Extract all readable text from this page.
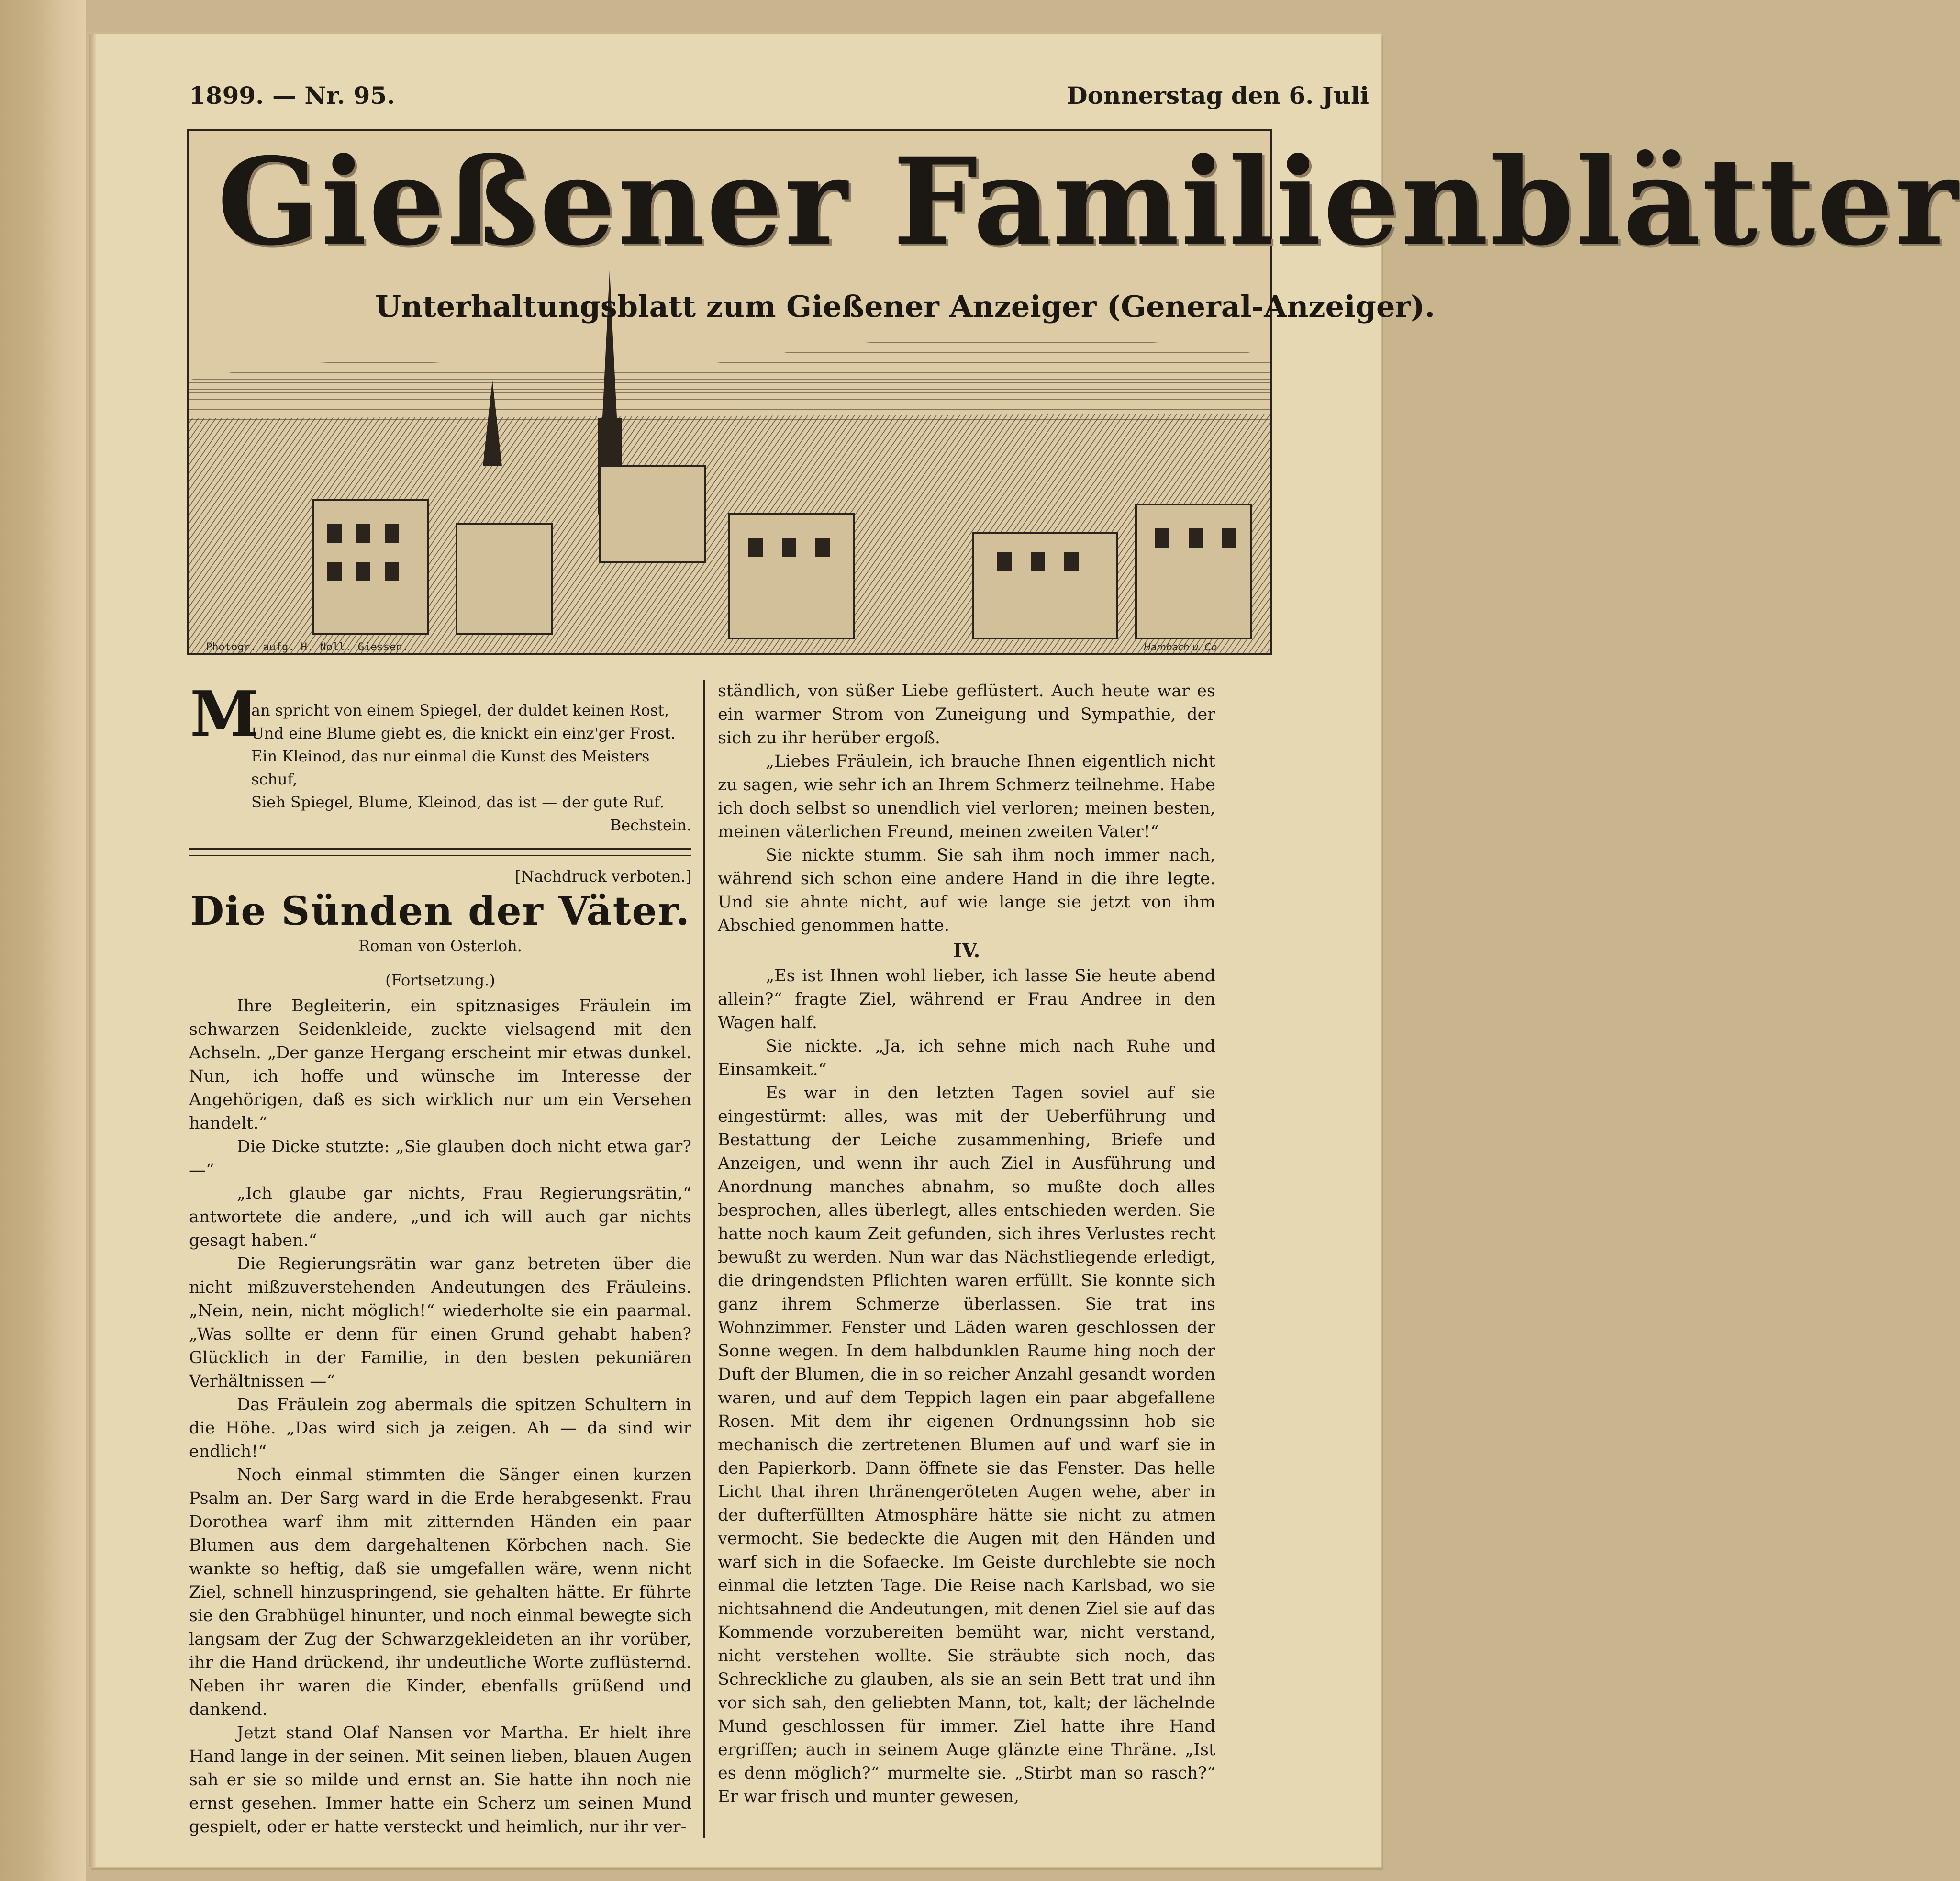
1899. — Nr. 95.	Donnerstag den 6. Juli
Gießener Familienblätter
Unterhaltungsblatt zum Gießener Anzeiger (General-Anzeiger).
Photogr. aufg. H. Noll. Giessen.	Hambach u. Co
M

an spricht von einem Spiegel, der duldet keinen Rost,

Und eine Blume giebt es, die knickt ein einz'ger Frost.

Ein Kleinod, das nur einmal die Kunst des Meisters schuf,

Sieh Spiegel, Blume, Kleinod, das ist — der gute Ruf.

Bechstein.

[Nachdruck verboten.]

Die Sünden der Väter.

Roman von Osterloh.

(Fortsetzung.)

Ihre Begleiterin, ein spitznasiges Fräulein im schwarzen Seidenkleide, zuckte vielsagend mit den Achseln. „Der ganze Hergang erscheint mir etwas dunkel. Nun, ich hoffe und wünsche im Interesse der Angehörigen, daß es sich wirklich nur um ein Versehen handelt.“

Die Dicke stutzte: „Sie glauben doch nicht etwa gar? —“

„Ich glaube gar nichts, Frau Regierungsrätin,“ antwortete die andere, „und ich will auch gar nichts gesagt haben.“

Die Regierungsrätin war ganz betreten über die nicht mißzuverstehenden Andeutungen des Fräuleins. „Nein, nein, nicht möglich!“ wiederholte sie ein paarmal. „Was sollte er denn für einen Grund gehabt haben? Glücklich in der Familie, in den besten pekuniären Verhältnissen —“

Das Fräulein zog abermals die spitzen Schultern in die Höhe. „Das wird sich ja zeigen. Ah — da sind wir endlich!“

Noch einmal stimmten die Sänger einen kurzen Psalm an. Der Sarg ward in die Erde herabgesenkt. Frau Dorothea warf ihm mit zitternden Händen ein paar Blumen aus dem dargehaltenen Körbchen nach. Sie wankte so heftig, daß sie umgefallen wäre, wenn nicht Ziel, schnell hinzuspringend, sie gehalten hätte. Er führte sie den Grabhügel hinunter, und noch einmal bewegte sich langsam der Zug der Schwarzgekleideten an ihr vorüber, ihr die Hand drückend, ihr undeutliche Worte zuflüsternd. Neben ihr waren die Kinder, ebenfalls grüßend und dankend.

Jetzt stand Olaf Nansen vor Martha. Er hielt ihre Hand lange in der seinen. Mit seinen lieben, blauen Augen sah er sie so milde und ernst an. Sie hatte ihn noch nie ernst gesehen. Immer hatte ein Scherz um seinen Mund gespielt, oder er hatte versteckt und heimlich, nur ihr ver-

ständlich, von süßer Liebe geflüstert. Auch heute war es ein warmer Strom von Zuneigung und Sympathie, der sich zu ihr herüber ergoß.

„Liebes Fräulein, ich brauche Ihnen eigentlich nicht zu sagen, wie sehr ich an Ihrem Schmerz teilnehme. Habe ich doch selbst so unendlich viel verloren; meinen besten, meinen väterlichen Freund, meinen zweiten Vater!“

Sie nickte stumm. Sie sah ihm noch immer nach, während sich schon eine andere Hand in die ihre legte. Und sie ahnte nicht, auf wie lange sie jetzt von ihm Abschied genommen hatte.

IV.

„Es ist Ihnen wohl lieber, ich lasse Sie heute abend allein?“ fragte Ziel, während er Frau Andree in den Wagen half.

Sie nickte. „Ja, ich sehne mich nach Ruhe und Einsamkeit.“

Es war in den letzten Tagen soviel auf sie eingestürmt: alles, was mit der Ueberführung und Bestattung der Leiche zusammenhing, Briefe und Anzeigen, und wenn ihr auch Ziel in Ausführung und Anordnung manches abnahm, so mußte doch alles besprochen, alles überlegt, alles entschieden werden. Sie hatte noch kaum Zeit gefunden, sich ihres Verlustes recht bewußt zu werden. Nun war das Nächstliegende erledigt, die dringendsten Pflichten waren erfüllt. Sie konnte sich ganz ihrem Schmerze überlassen. Sie trat ins Wohnzimmer. Fenster und Läden waren geschlossen der Sonne wegen. In dem halbdunklen Raume hing noch der Duft der Blumen, die in so reicher Anzahl gesandt worden waren, und auf dem Teppich lagen ein paar abgefallene Rosen. Mit dem ihr eigenen Ordnungssinn hob sie mechanisch die zertretenen Blumen auf und warf sie in den Papierkorb. Dann öffnete sie das Fenster. Das helle Licht that ihren thränengeröteten Augen wehe, aber in der dufterfüllten Atmosphäre hätte sie nicht zu atmen vermocht. Sie bedeckte die Augen mit den Händen und warf sich in die Sofaecke. Im Geiste durchlebte sie noch einmal die letzten Tage. Die Reise nach Karlsbad, wo sie nichtsahnend die Andeutungen, mit denen Ziel sie auf das Kommende vorzubereiten bemüht war, nicht verstand, nicht verstehen wollte. Sie sträubte sich noch, das Schreckliche zu glauben, als sie an sein Bett trat und ihn vor sich sah, den geliebten Mann, tot, kalt; der lächelnde Mund geschlossen für immer. Ziel hatte ihre Hand ergriffen; auch in seinem Auge glänzte eine Thräne. „Ist es denn möglich?“ murmelte sie. „Stirbt man so rasch?“ Er war frisch und munter gewesen,
